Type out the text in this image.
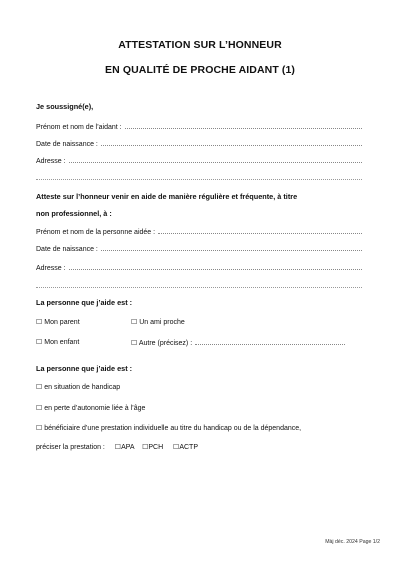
ATTESTATION SUR L’HONNEUR
EN QUALITÉ DE PROCHE AIDANT (1)
Je soussigné(e),
Prénom et nom de l’aidant :
Date de naissance :
Adresse :
Atteste sur l’honneur venir en aide de manière régulière et fréquente, à titre
non professionnel, à :
Prénom et nom de la personne aidée :
Date de naissance :
Adresse :
La personne que j’aide est :
☐ Mon parent	☐ Un ami proche
☐ Mon enfant	☐ Autre (précisez) :
La personne que j’aide est :
☐ en situation de handicap
☐ en perte d’autonomie liée à l’âge
☐ bénéficiaire d’une prestation individuelle au titre du handicap ou de la dépendance,
préciser la prestation : ☐APA ☐PCH ☐ACTP
Màj déc. 2024 Page 1/2
